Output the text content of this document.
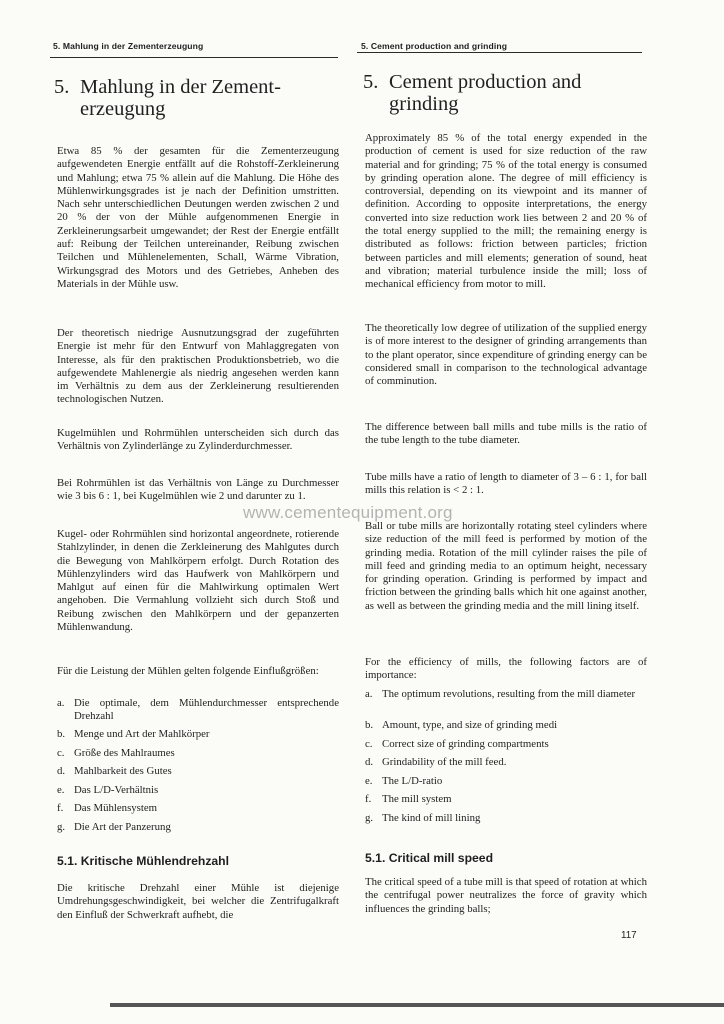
5. Mahlung in der Zementerzeugung	5. Cement production and grinding
5. Mahlung in der Zement-
erzeugung

Etwa 85 % der gesamten für die Zementerzeugung aufgewendeten Energie entfällt auf die Rohstoff-Zerkleinerung und Mahlung; etwa 75 % allein auf die Mahlung. Die Höhe des Mühlenwirkungsgrades ist je nach der Definition umstritten. Nach sehr unterschiedlichen Deutungen werden zwischen 2 und 20 % der von der Mühle aufgenommenen Energie in Zerkleinerungsarbeit umgewandet; der Rest der Energie entfällt auf: Reibung der Teilchen untereinander, Reibung zwischen Teilchen und Mühlenelementen, Schall, Wärme Vibration, Wirkungsgrad des Motors und des Getriebes, Anheben des Materials in der Mühle usw.

Der theoretisch niedrige Ausnutzungsgrad der zugeführten Energie ist mehr für den Entwurf von Mahlaggregaten von Interesse, als für den praktischen Produktionsbetrieb, wo die aufgewendete Mahlenergie als niedrig angesehen werden kann im Verhältnis zu dem aus der Zerkleinerung resultierenden technologischen Nutzen.

Kugelmühlen und Rohrmühlen unterscheiden sich durch das Verhältnis von Zylinderlänge zu Zylinderdurchmesser.

Bei Rohrmühlen ist das Verhältnis von Länge zu Durchmesser wie 3 bis 6 : 1, bei Kugelmühlen wie 2 und darunter zu 1.

Kugel- oder Rohrmühlen sind horizontal angeordnete, rotierende Stahlzylinder, in denen die Zerkleinerung des Mahlgutes durch die Bewegung von Mahlkörpern erfolgt. Durch Rotation des Mühlenzylinders wird das Haufwerk von Mahlkörpern und Mahlgut auf einen für die Mahlwirkung optimalen Wert angehoben. Die Vermahlung vollzieht sich durch Stoß und Reibung zwischen den Mahlkörpern und der gepanzerten Mühlenwandung.

Für die Leistung der Mühlen gelten folgende Einflußgrößen:

a. Die optimale, dem Mühlendurchmesser entsprechende Drehzahl
b. Menge und Art der Mahlkörper
c. Größe des Mahlraumes
d. Mahlbarkeit des Gutes
e. Das L/D-Verhältnis
f. Das Mühlensystem
g. Die Art der Panzerung
5.1. Kritische Mühlendrehzahl

Die kritische Drehzahl einer Mühle ist diejenige Umdrehungsgeschwindigkeit, bei welcher die Zentrifugalkraft den Einfluß der Schwerkraft aufhebt, die

5. Cement production and
grinding

Approximately 85 % of the total energy expended in the production of cement is used for size reduction of the raw material and for grinding; 75 % of the total energy is consumed by grinding operation alone. The degree of mill efficiency is controversial, depending on its viewpoint and its manner of definition. According to opposite interpretations, the energy converted into size reduction work lies between 2 and 20 % of the total energy supplied to the mill; the remaining energy is distributed as follows: friction between particles; friction between particles and mill elements; generation of sound, heat and vibration; material turbulence inside the mill; loss of mechanical efficiency from motor to mill.

The theoretically low degree of utilization of the supplied energy is of more interest to the designer of grinding arrangements than to the plant operator, since expenditure of grinding energy can be considered small in comparison to the technological advantage of comminution.

The difference between ball mills and tube mills is the ratio of the tube length to the tube diameter.

Tube mills have a ratio of length to diameter of 3 – 6 : 1, for ball mills this relation is < 2 : 1.

Ball or tube mills are horizontally rotating steel cylinders where size reduction of the mill feed is performed by motion of the grinding media. Rotation of the mill cylinder raises the pile of mill feed and grinding media to an optimum height, necessary for grinding operation. Grinding is performed by impact and friction between the grinding balls which hit one against another, as well as between the grinding media and the mill lining itself.

For the efficiency of mills, the following factors are of importance:

a. The optimum revolutions, resulting from the mill diameter
b. Amount, type, and size of grinding medi
c. Correct size of grinding compartments
d. Grindability of the mill feed.
e. The L/D-ratio
f. The mill system
g. The kind of mill lining
5.1. Critical mill speed

The critical speed of a tube mill is that speed of rotation at which the centrifugal power neutralizes the force of gravity which influences the grinding balls;

www.cementequipment.org
117
